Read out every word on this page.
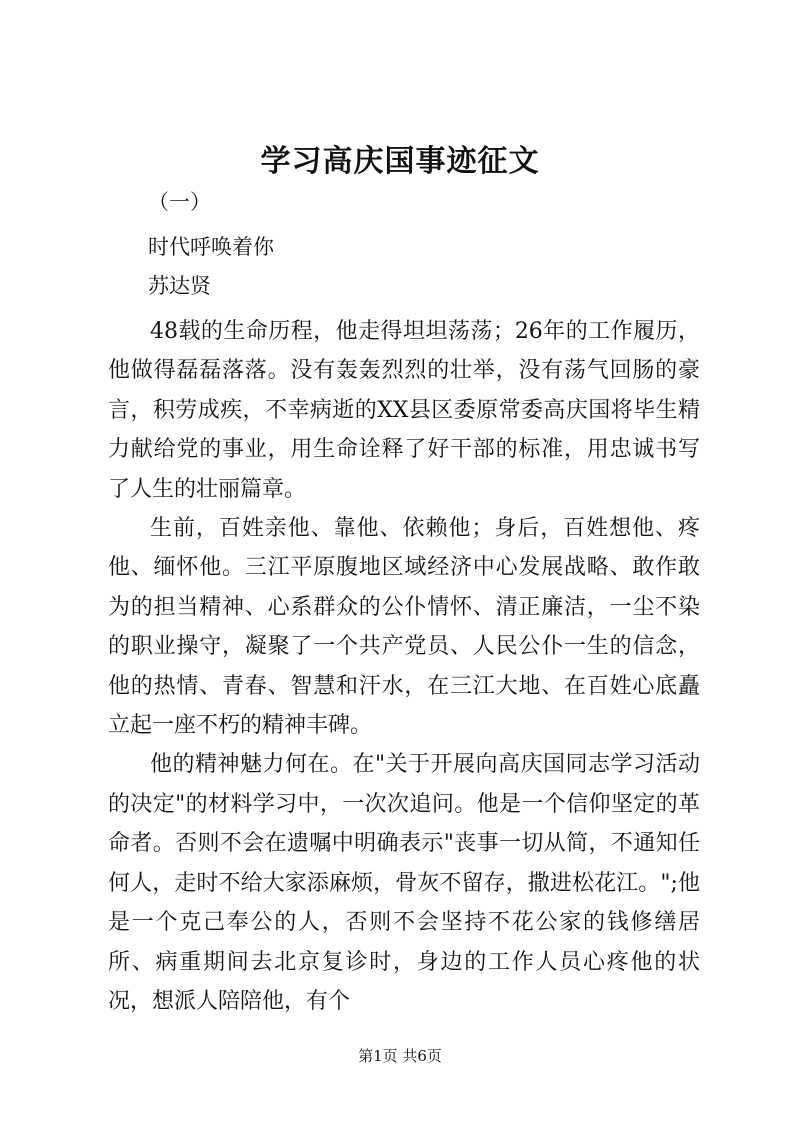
学习高庆国事迹征文
（一）
时代呼唤着你
苏达贤

48载的生命历程，他走得坦坦荡荡；26年的工作履历，他做得磊磊落落。没有轰轰烈烈的壮举，没有荡气回肠的豪言，积劳成疾，不幸病逝的XX县区委原常委高庆国将毕生精力献给党的事业，用生命诠释了好干部的标准，用忠诚书写了人生的壮丽篇章。

生前，百姓亲他、靠他、依赖他；身后，百姓想他、疼他、缅怀他。三江平原腹地区域经济中心发展战略、敢作敢为的担当精神、心系群众的公仆情怀、清正廉洁，一尘不染的职业操守，凝聚了一个共产党员、人民公仆一生的信念，他的热情、青春、智慧和汗水，在三江大地、在百姓心底矗立起一座不朽的精神丰碑。

他的精神魅力何在。在"关于开展向高庆国同志学习活动的决定"的材料学习中，一次次追问。他是一个信仰坚定的革命者。否则不会在遗嘱中明确表示"丧事一切从简，不通知任何人，走时不给大家添麻烦，骨灰不留存，撒进松花江。";他是一个克己奉公的人，否则不会坚持不花公家的钱修缮居所、病重期间去北京复诊时，身边的工作人员心疼他的状况，想派人陪陪他，有个

第1页 共6页
